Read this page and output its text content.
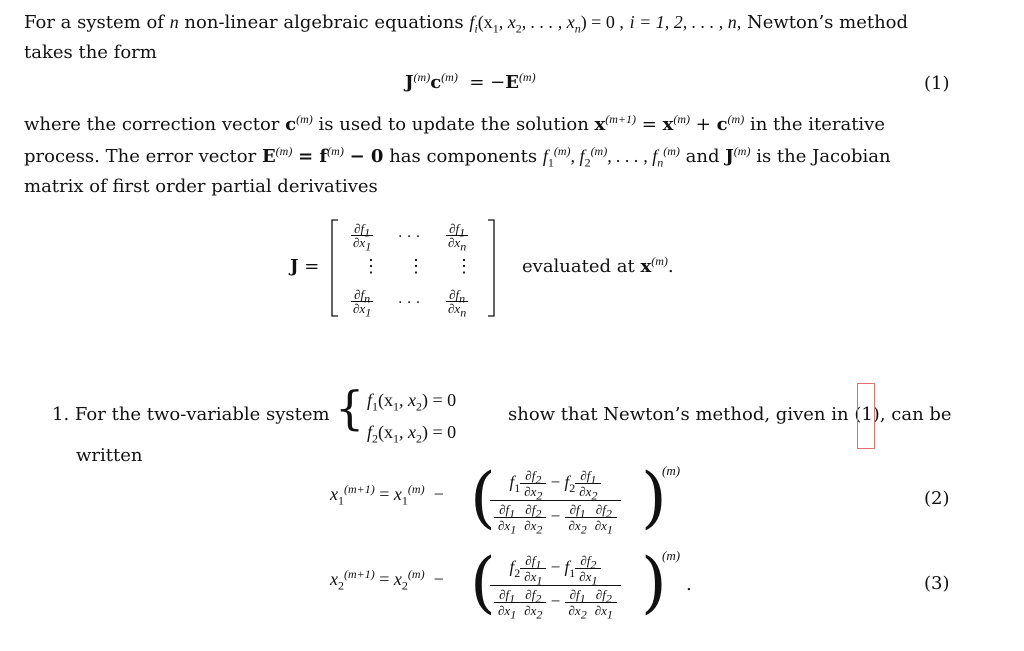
For a system of n non-linear algebraic equations $f_i(x_1$, $x_2$, . . . , $x_n) = 0$ , i = 1, 2, . . . , n, Newton’s method
takes the form
$J^{(m)}c^{(m)} = -E^{(m)}$	(1)
where the correction vector $c^{(m)}$ is used to update the solution $x^{(m+1)} = x^{(m)} + c^{(m)}$ in the iterative
process. The error vector $E^{(m)} = f^{(m)} - 0$ has components $f_1^{(m)}$, $f_2^{(m)}$, . . . , $f_n^{(m)}$ and $J^{(m)}$ is the Jacobian
matrix of first order partial derivatives
J =
$\frac{\partial f_1}{\partial x_1}$ · · · $\frac{\partial f_1}{\partial x_n}$
⋮ ⋮ ⋮
$\frac{\partial f_n}{\partial x_1}$ · · · $\frac{\partial f_n}{\partial x_n}$
evaluated at $x^{(m)}$.
1. For the two-variable system { $f_1(x_1$, $x_2) = 0$
$f_2(x_1$, $x_2) = 0$
show that Newton’s method, given in (1), can be
written
$x_1^{(m+1)} = x_1^{(m)}$  − ( )
$\frac{f_1 \frac{\partial f_2}{\partial x_2} - f_2 \frac{\partial f_1}{\partial x_2}}{\frac{\partial f_1}{\partial x_1} \frac{\partial f_2}{\partial x_2} - \frac{\partial f_1}{\partial x_2} \frac{\partial f_2}{\partial x_1}}$	(m)
(2)
$x_2^{(m+1)} = x_2^{(m)}$  − ( )
$\frac{f_2 \frac{\partial f_1}{\partial x_1} - f_1 \frac{\partial f_2}{\partial x_1}}{\frac{\partial f_1}{\partial x_1} \frac{\partial f_2}{\partial x_2} - \frac{\partial f_1}{\partial x_2} \frac{\partial f_2}{\partial x_1}}$	(m)
.	(3)
